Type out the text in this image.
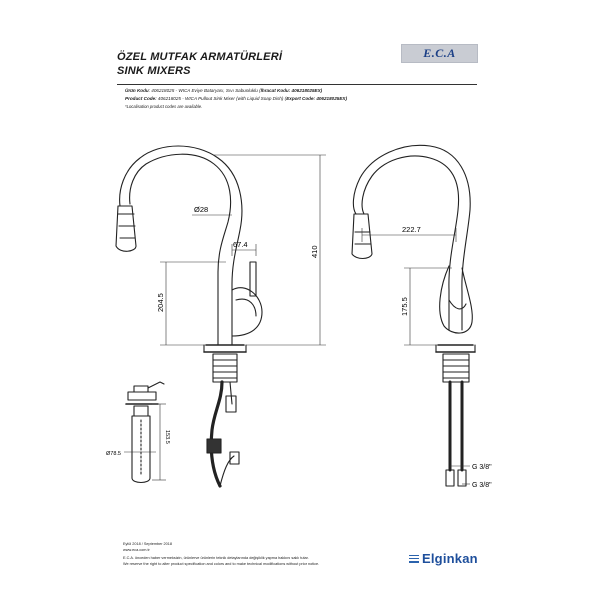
ÖZEL MUTFAK ARMATÜRLERİ
SINK MIXERS
E.C.A
Ürün Kodu: 406218025 - WICA Eviye Bataryası, Sıvı Sabunluklu (İhracat Kodu: 406218025EX)
Product Code: 406218025 - WICA Pullout Sink Mixer (with Liquid Soap Dish) (Export Code: 406218025EX)
*Localisation product codes are available.
Ø28
67.4
204.5
410
222.7
175.5
153.5
Ø78.5
G 3/8"
G 3/8"
Eylül 2018 / September 2018
www.eca.com.tr
E.C.A. önceden haber vermeksizin, ürünlerve ürünlerin teknik detaylarında değişiklik yapma hakkını saklı tutar.
We reserve the right to alter product specification and colors and to make technical modifications without prior notice.	Elginkan
